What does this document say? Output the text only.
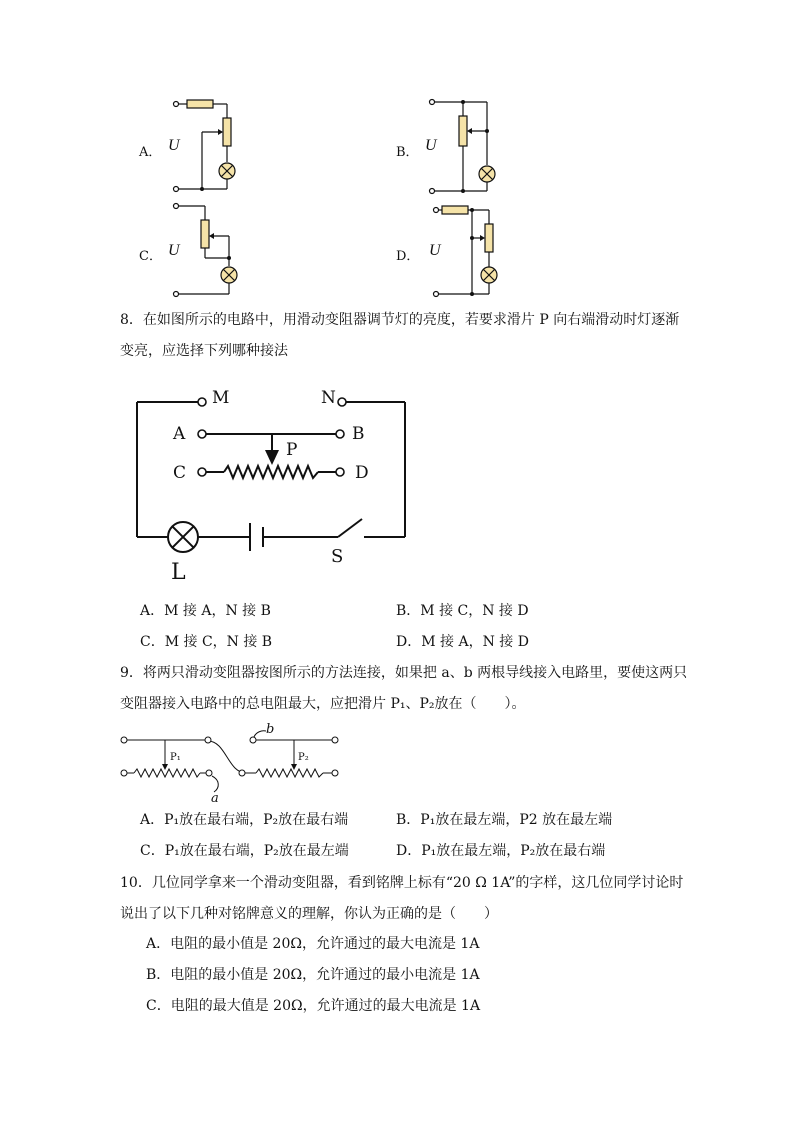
A． U	B． U
C． U	D． U
8．在如图所示的电路中，用滑动变阻器调节灯的亮度，若要求滑片 P 向右端滑动时灯逐渐
变亮，应选择下列哪种接法
M	N
A	B
C	D
P
L
S
A．M 接 A，N 接 B	B．M 接 C，N 接 D
C．M 接 C，N 接 B	D．M 接 A，N 接 D
9．将两只滑动变阻器按图所示的方法连接，如果把 a、b 两根导线接入电路里，要使这两只
变阻器接入电路中的总电阻最大，应把滑片 P₁、P₂放在（　　）。
P₁	P₂
a
b
A．P₁放在最右端，P₂放在最右端	B．P₁放在最左端，P2 放在最左端
C．P₁放在最右端，P₂放在最左端	D．P₁放在最左端，P₂放在最右端
10．几位同学拿来一个滑动变阻器，看到铭牌上标有“20 Ω 1A”的字样，这几位同学讨论时
说出了以下几种对铭牌意义的理解，你认为正确的是（　　）
A．电阻的最小值是 20Ω，允许通过的最大电流是 1A
B．电阻的最小值是 20Ω，允许通过的最小电流是 1A
C．电阻的最大值是 20Ω，允许通过的最大电流是 1A
